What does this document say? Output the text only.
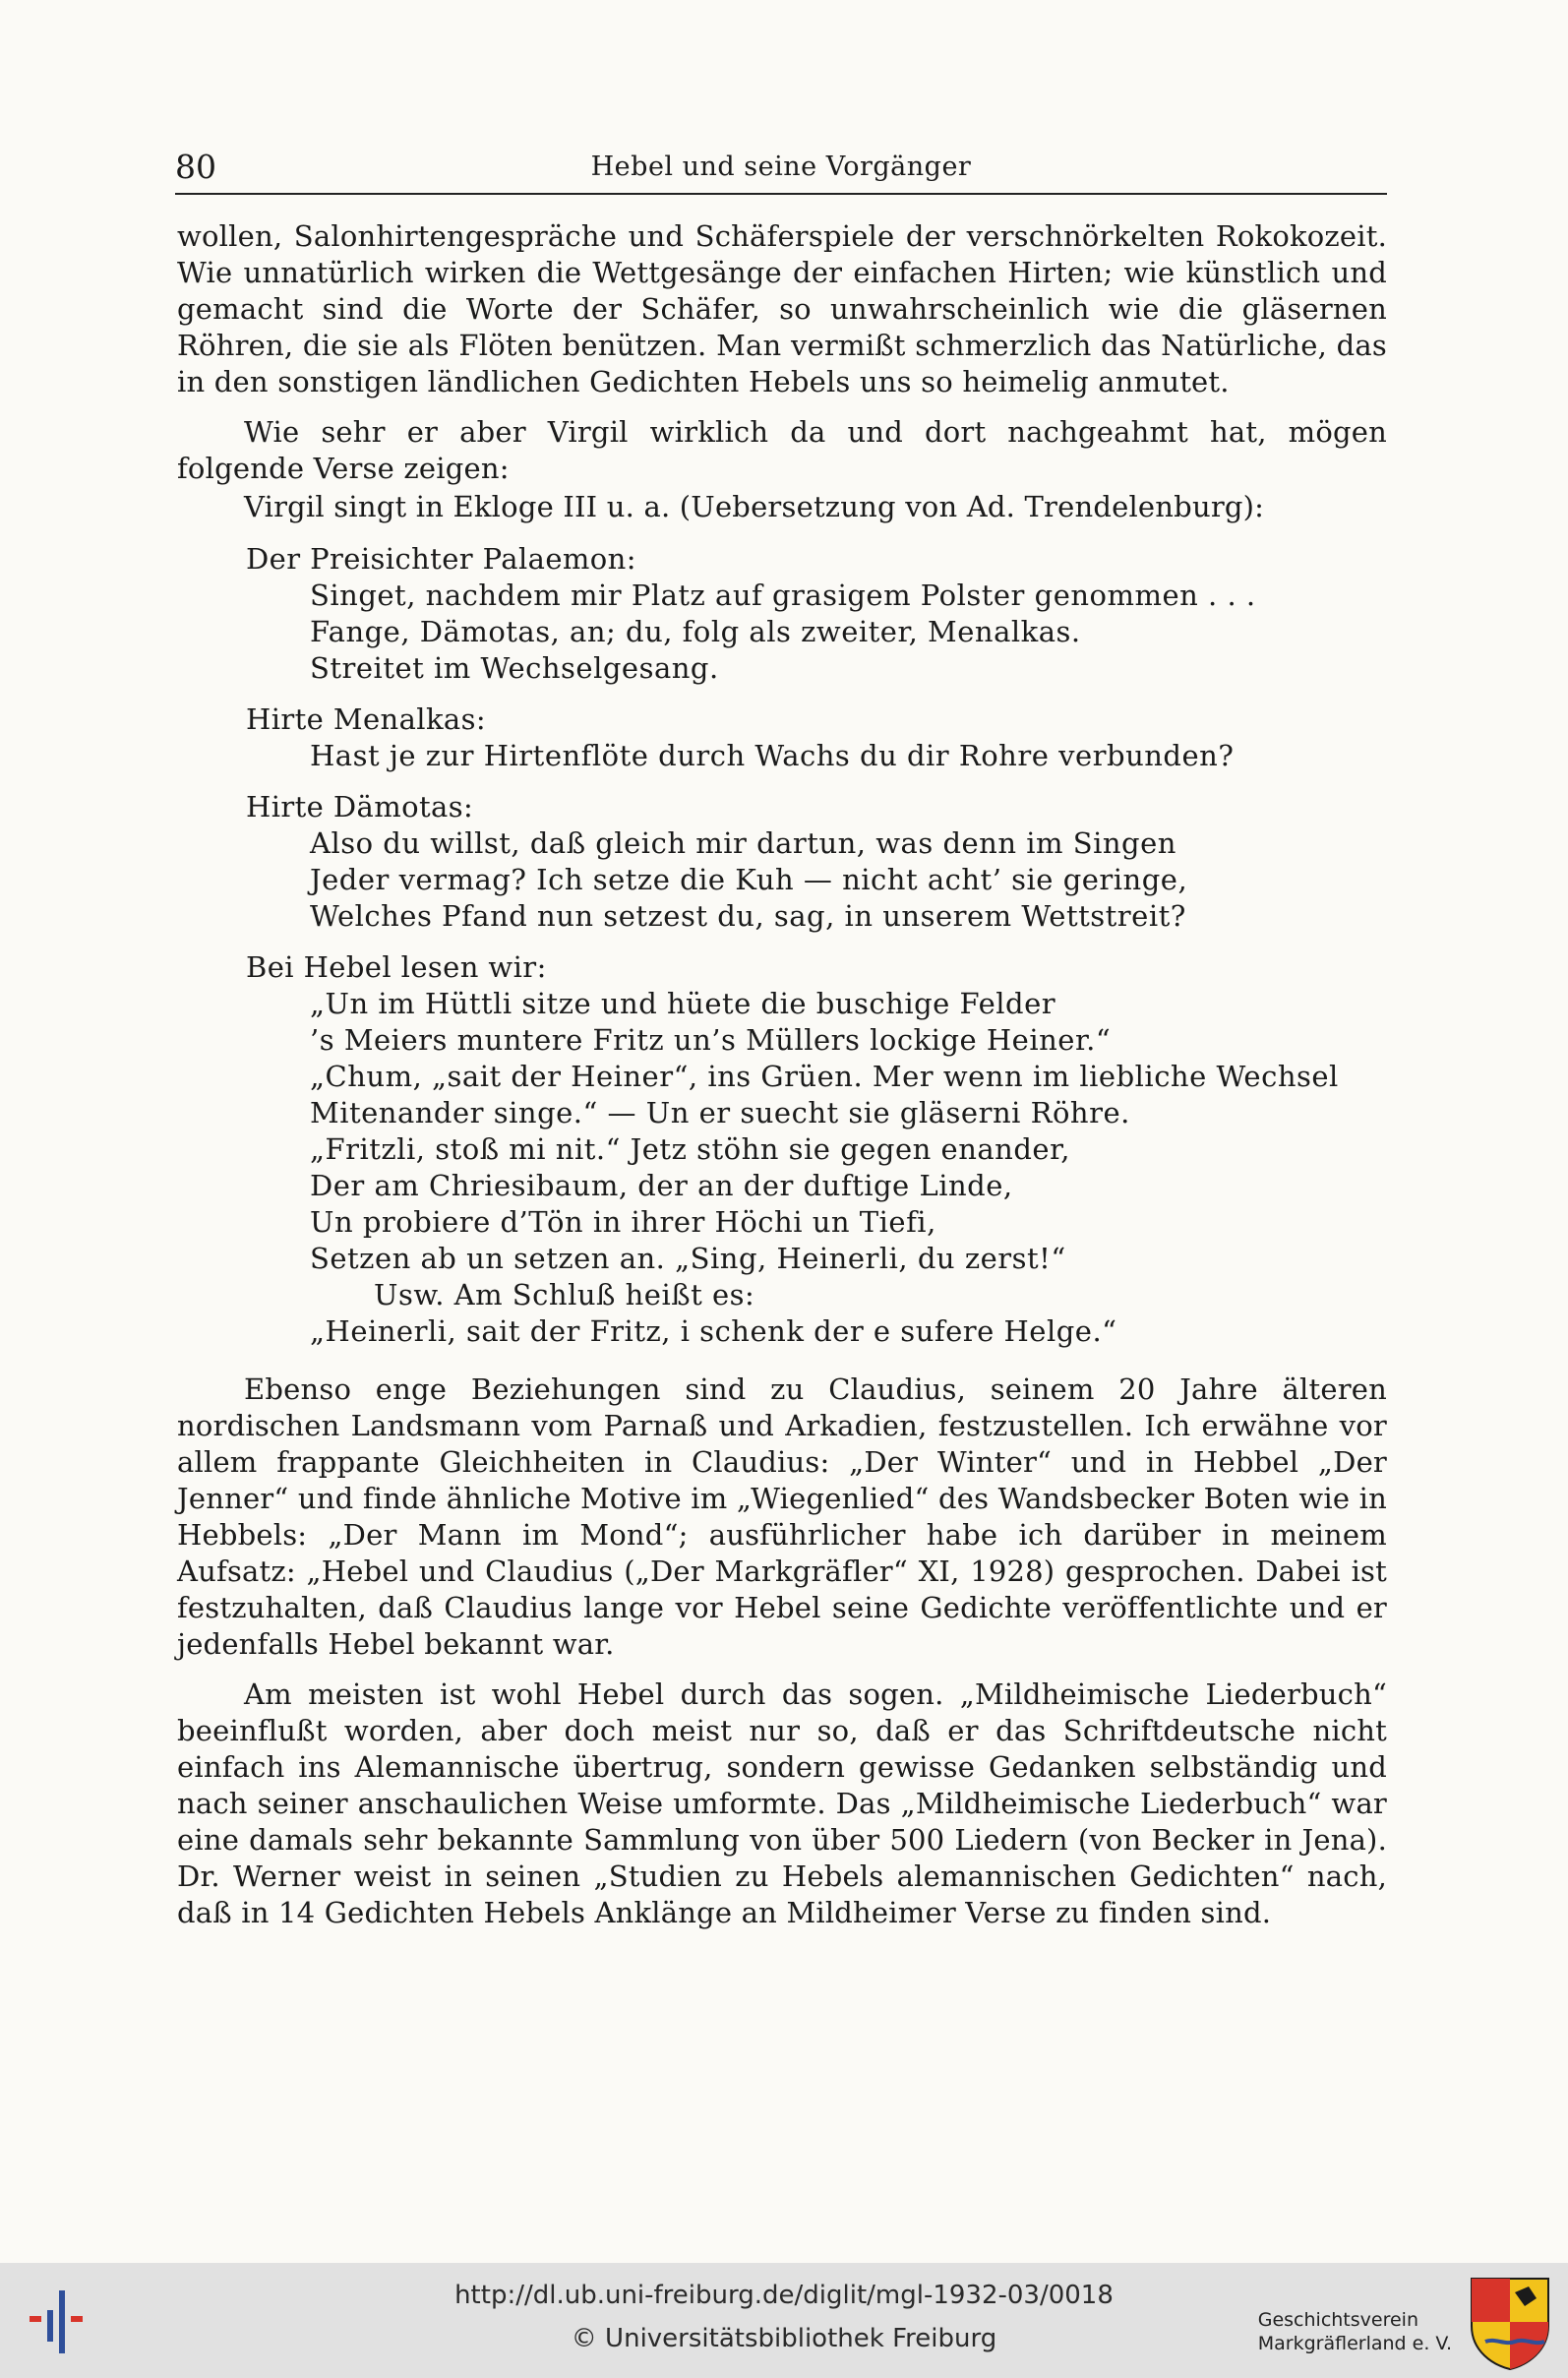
80	Hebel und seine Vorgänger

wollen, Salonhirtengespräche und Schäferspiele der verschnörkelten Rokokozeit. Wie unnatürlich wirken die Wettgesänge der einfachen Hirten; wie künstlich und gemacht sind die Worte der Schäfer, so unwahrscheinlich wie die gläsernen Röhren, die sie als Flöten benützen. Man vermißt schmerzlich das Natürliche, das in den sonstigen ländlichen Gedichten Hebels uns so heimelig anmutet.

Wie sehr er aber Virgil wirklich da und dort nachgeahmt hat, mögen folgende Verse zeigen:

Virgil singt in Ekloge III u. a. (Uebersetzung von Ad. Trendelenburg):

Der Preisichter Palaemon:

Singet, nachdem mir Platz auf grasigem Polster genommen . . .

Fange, Dämotas, an; du, folg als zweiter, Menalkas.

Streitet im Wechselgesang.

Hirte Menalkas:

Hast je zur Hirtenflöte durch Wachs du dir Rohre verbunden?

Hirte Dämotas:

Also du willst, daß gleich mir dartun, was denn im Singen

Jeder vermag? Ich setze die Kuh — nicht acht’ sie geringe,

Welches Pfand nun setzest du, sag, in unserem Wettstreit?

Bei Hebel lesen wir:

„Un im Hüttli sitze und hüete die buschige Felder

’s Meiers muntere Fritz un’s Müllers lockige Heiner.“

„Chum, „sait der Heiner“, ins Grüen. Mer wenn im liebliche Wechsel

Mitenander singe.“ — Un er suecht sie gläserni Röhre.

„Fritzli, stoß mi nit.“ Jetz stöhn sie gegen enander,

Der am Chriesibaum, der an der duftige Linde,

Un probiere d’Tön in ihrer Höchi un Tiefi,

Setzen ab un setzen an. „Sing, Heinerli, du zerst!“

Usw. Am Schluß heißt es:

„Heinerli, sait der Fritz, i schenk der e sufere Helge.“

Ebenso enge Beziehungen sind zu Claudius, seinem 20 Jahre älteren nordischen Landsmann vom Parnaß und Arkadien, festzustellen. Ich erwähne vor allem frappante Gleichheiten in Claudius: „Der Winter“ und in Hebbel „Der Jenner“ und finde ähnliche Motive im „Wiegenlied“ des Wandsbecker Boten wie in Hebbels: „Der Mann im Mond“; ausführlicher habe ich darüber in meinem Aufsatz: „Hebel und Claudius („Der Markgräfler“ XI, 1928) gesprochen. Dabei ist festzuhalten, daß Claudius lange vor Hebel seine Gedichte veröffentlichte und er jedenfalls Hebel bekannt war.

Am meisten ist wohl Hebel durch das sogen. „Mildheimische Liederbuch“ beeinflußt worden, aber doch meist nur so, daß er das Schriftdeutsche nicht einfach ins Alemannische übertrug, sondern gewisse Gedanken selbständig und nach seiner anschaulichen Weise umformte. Das „Mildheimische Liederbuch“ war eine damals sehr bekannte Sammlung von über 500 Liedern (von Becker in Jena). Dr. Werner weist in seinen „Studien zu Hebels alemannischen Gedichten“ nach, daß in 14 Gedichten Hebels Anklänge an Mildheimer Verse zu finden sind.

http://dl.ub.uni-freiburg.de/diglit/mgl-1932-03/0018
© Universitätsbibliothek Freiburg
Geschichtsverein
Markgräflerland e. V.
